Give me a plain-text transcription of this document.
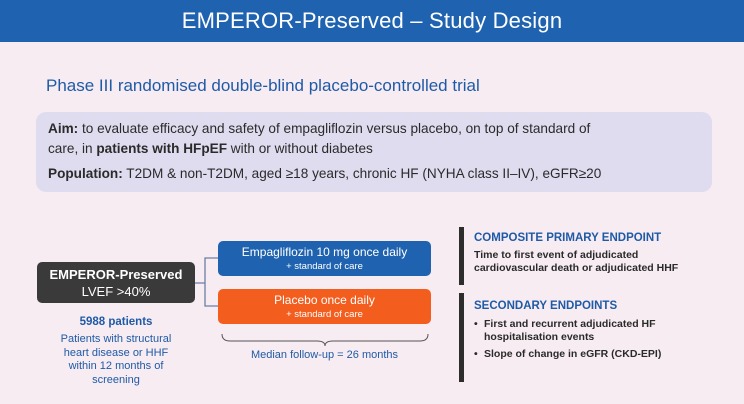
EMPEROR-Preserved – Study Design
Phase III randomised double-blind placebo-controlled trial
Aim: to evaluate efficacy and safety of empagliflozin versus placebo, on top of standard of
care, in patients with HFpEF with or without diabetes
Population: T2DM & non-T2DM, aged ≥18 years, chronic HF (NYHA class II–IV), eGFR≥20
EMPEROR-Preserved
LVEF >40%
5988 patients
Patients with structural
heart disease or HHF
within 12 months of
screening
Empagliflozin 10 mg once daily
+ standard of care
Placebo once daily
+ standard of care
Median follow-up = 26 months
COMPOSITE PRIMARY ENDPOINT
Time to first event of adjudicated cardiovascular death or adjudicated HHF
SECONDARY ENDPOINTS
• First and recurrent adjudicated HF hospitalisation events
• Slope of change in eGFR (CKD-EPI)
